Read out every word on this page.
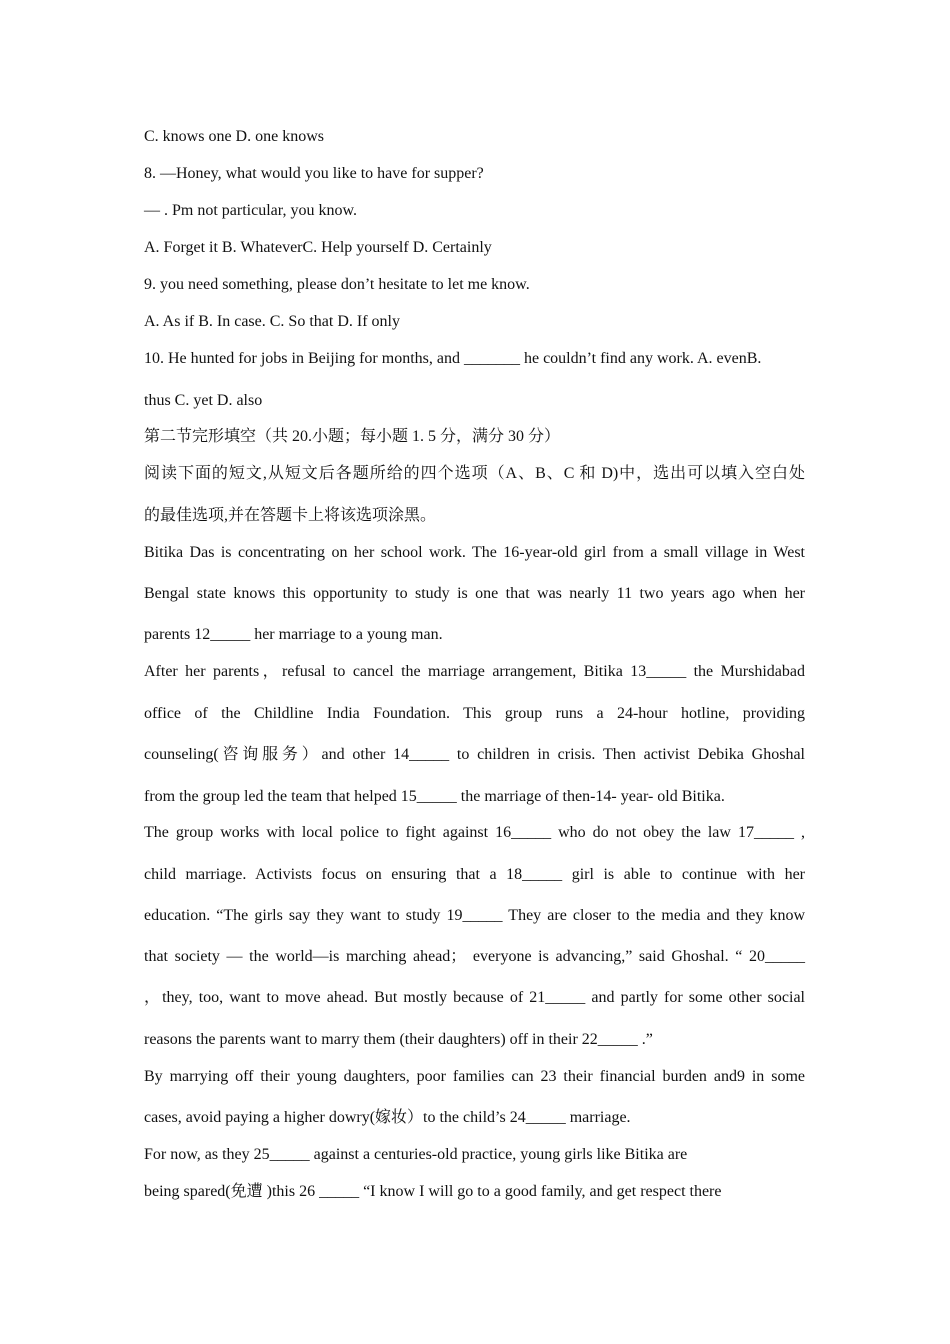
C. knows one D. one knows
8. —Honey, what would you like to have for supper?
— . Pm not particular, you know.
A. Forget it B. WhateverC. Help yourself D. Certainly
9. you need something, please don’t hesitate to let me know.
A. As if B. In case. C. So that D. If only
10. He hunted for jobs in Beijing for months, and _______ he couldn’t find any work. A. evenB.
thus C. yet D. also
第二节完形填空（共 20.小题；每小题 1. 5 分，满分 30 分）
阅读下面的短文,从短文后各题所给的四个选项（A、B、C 和 D)中，选出可以填入空白处
的最佳选项,并在答题卡上将该选项涂黑。
Bitika Das is concentrating on her school work. The 16-year-old girl from a small village in West
Bengal state knows this opportunity to study is one that was nearly 11 two years ago when her
parents 12_____ her marriage to a young man.
After her parents，refusal to cancel the marriage arrangement, Bitika 13_____ the Murshidabad
office of the Childline India Foundation. This group runs a 24-hour hotline, providing
counseling(咨询服务）and other 14_____ to children in crisis. Then activist Debika Ghoshal
from the group led the team that helped 15_____ the marriage of then-14- year- old Bitika.
The group works with local police to fight against 16_____ who do not obey the law 17_____ ,
child marriage. Activists focus on ensuring that a 18_____ girl is able to continue with her
education. “The girls say they want to study 19_____ They are closer to the media and they know
that society — the world—is marching ahead； everyone is advancing,” said Ghoshal. “ 20_____
，they, too, want to move ahead. But mostly because of 21_____ and partly for some other social
reasons the parents want to marry them (their daughters) off in their 22_____ .”
By marrying off their young daughters, poor families can 23 their financial burden and9 in some
cases, avoid paying a higher dowry(嫁妆）to the child’s 24_____ marriage.
For now, as they 25_____ against a centuries-old practice, young girls like Bitika are
being spared(免遭 )this 26 _____ “I know I will go to a good family, and get respect there
